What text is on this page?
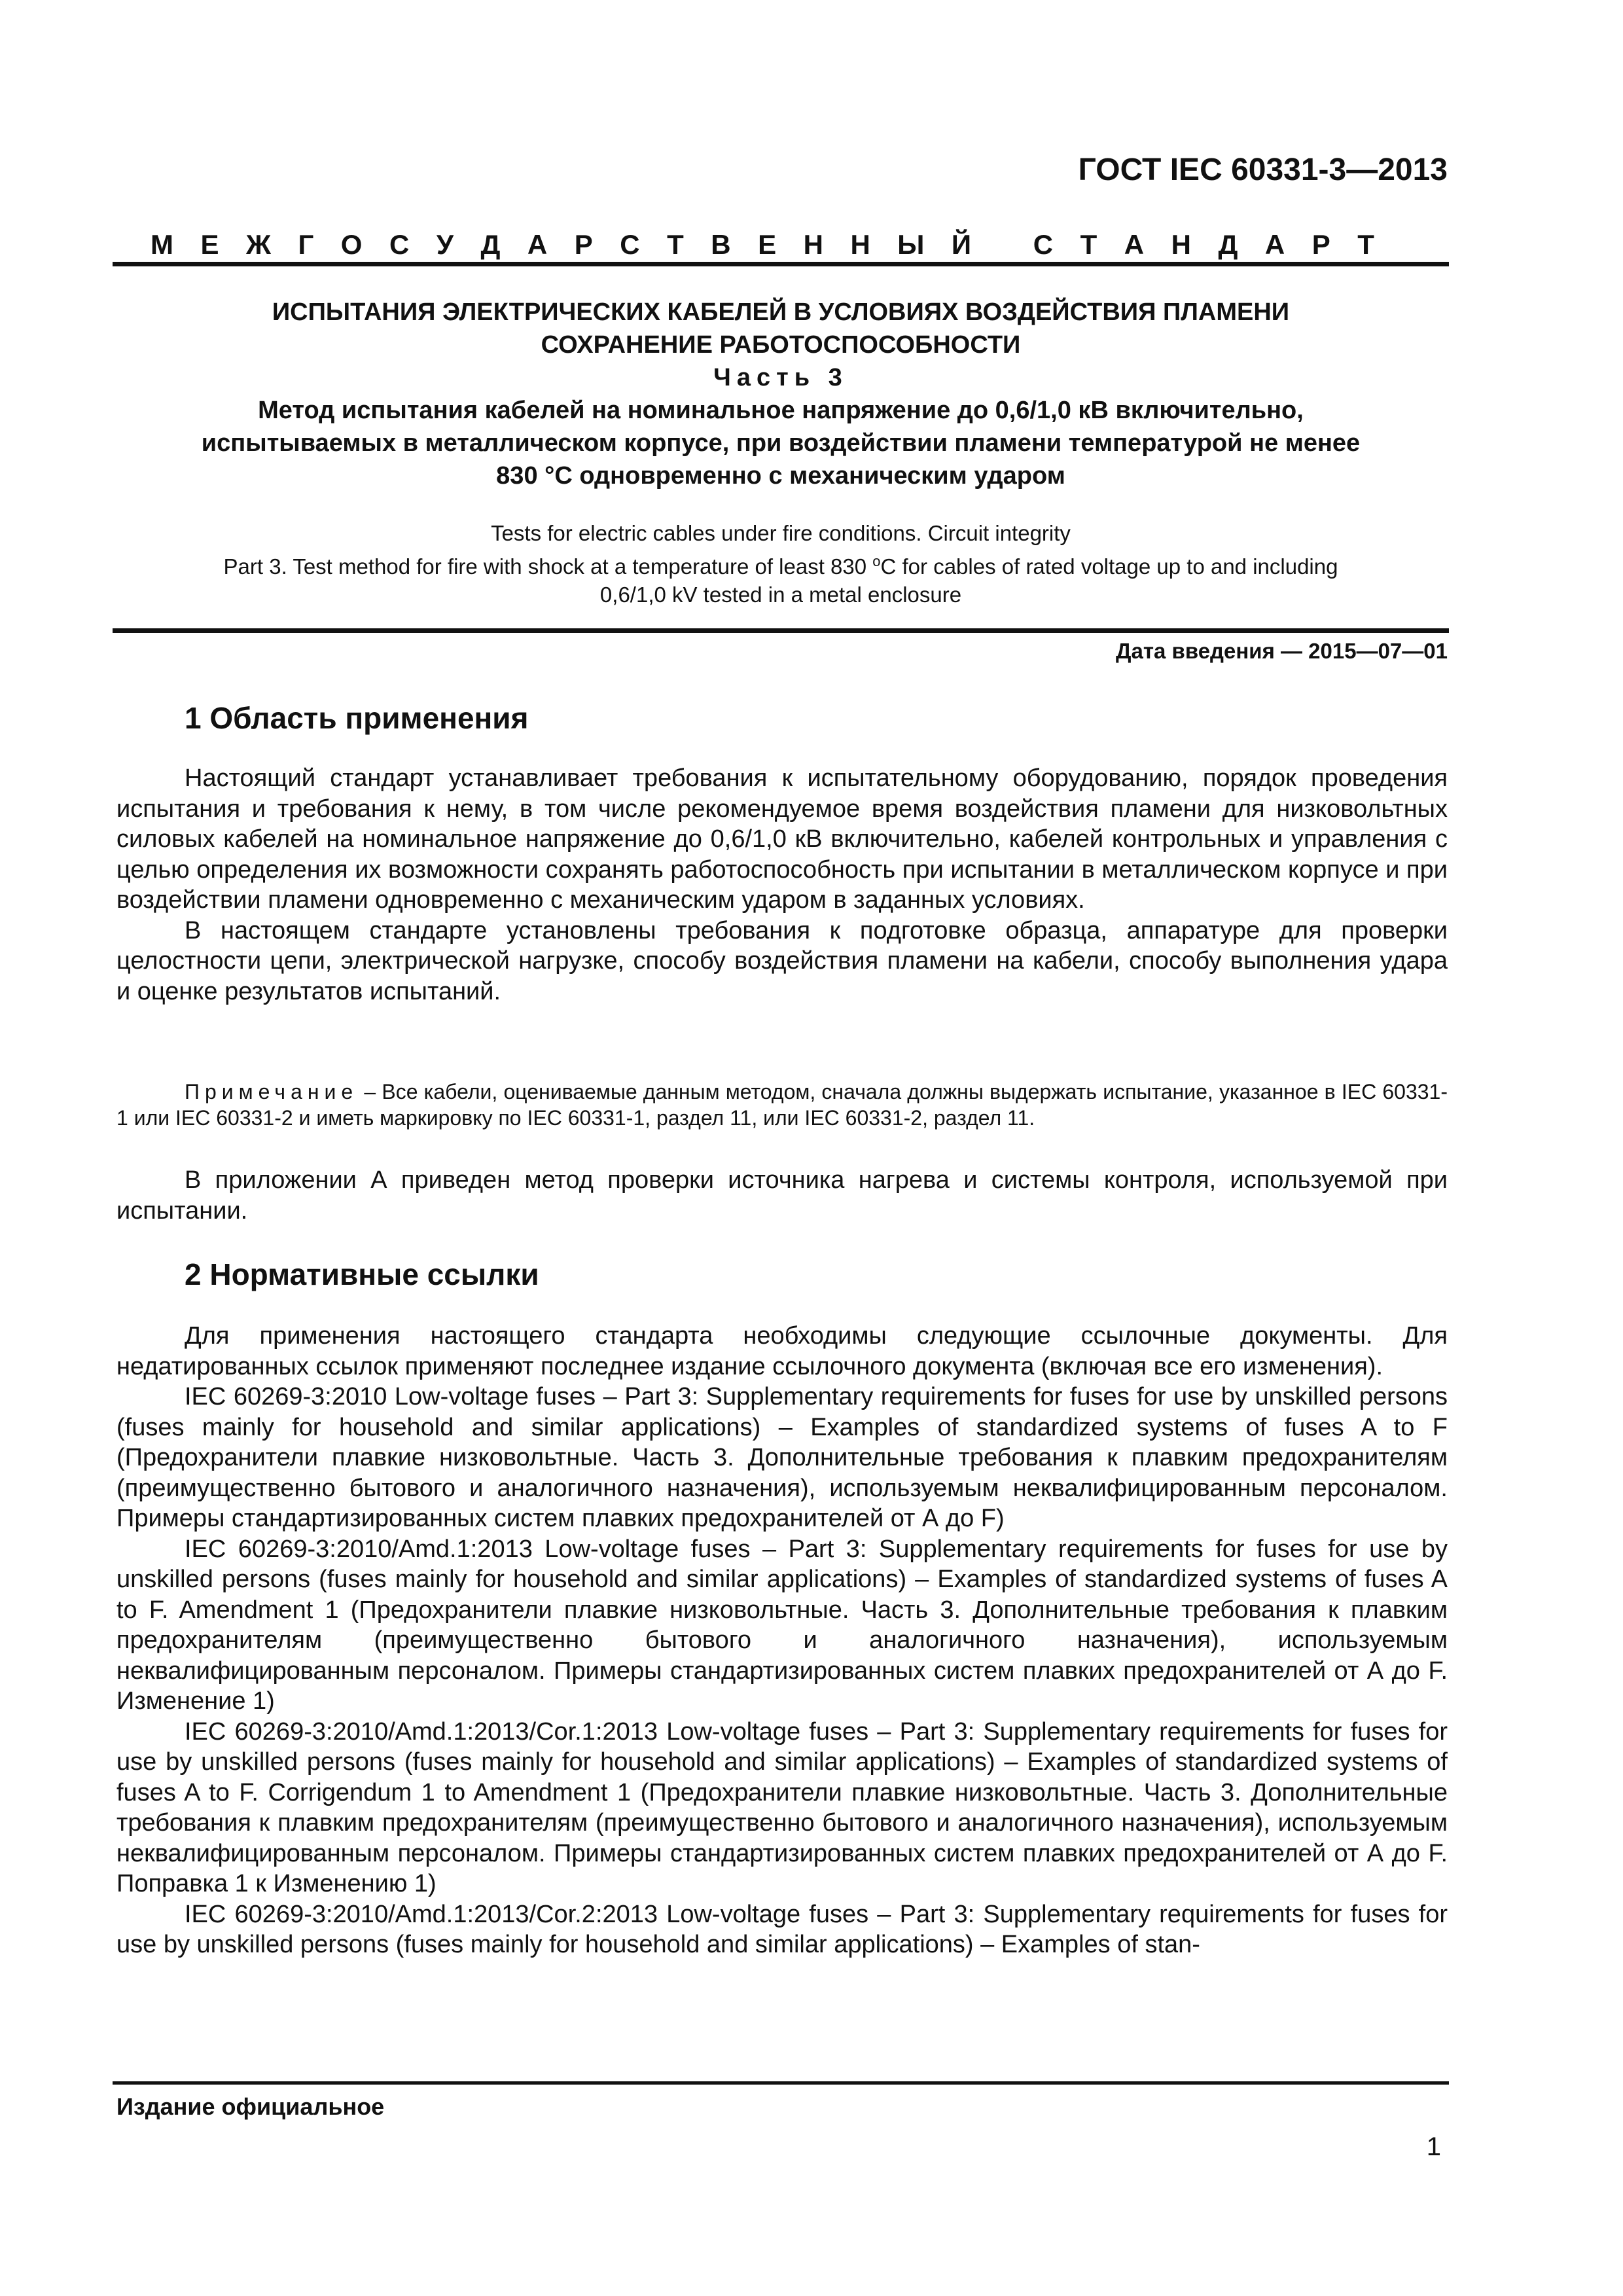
ГОСТ IEC 60331-3—2013
М Е Ж Г О С У Д А Р С Т В Е Н Н Ы Й
С Т А Н Д А Р Т
ИСПЫТАНИЯ ЭЛЕКТРИЧЕСКИХ КАБЕЛЕЙ В УСЛОВИЯХ ВОЗДЕЙСТВИЯ ПЛАМЕНИ
СОХРАНЕНИЕ РАБОТОСПОСОБНОСТИ
Часть 3
Метод испытания кабелей на номинальное напряжение до 0,6/1,0 кВ включительно,
испытываемых в металлическом корпусе, при воздействии пламени температурой не менее
830 °С одновременно с механическим ударом
Tests for electric cables under fire conditions. Circuit integrity
Part 3. Test method for fire with shock at a temperature of least 830 $^o$C for cables of rated voltage up to and including
0,6/1,0 kV tested in a metal enclosure
Дата введения — 2015—07—01
1 Область применения

Настоящий стандарт устанавливает требования к испытательному оборудованию, порядок проведения испытания и требования к нему, в том числе рекомендуемое время воздействия пламени для низковольтных силовых кабелей на номинальное напряжение до 0,6/1,0 кВ включительно, кабелей контрольных и управления с целью определения их возможности сохранять работоспособность при испытании в металлическом корпусе и при воздействии пламени одновременно с механическим ударом в заданных условиях.

В настоящем стандарте установлены требования к подготовке образца, аппаратуре для проверки целостности цепи, электрической нагрузке, способу воздействия пламени на кабели, способу выполнения удара и оценке результатов испытаний.

Примечание – Все кабели, оцениваемые данным методом, сначала должны выдержать испытание, указанное в IEC 60331-1 или IEC 60331-2 и иметь маркировку по IEC 60331-1, раздел 11, или IEC 60331-2, раздел 11.

В приложении А приведен метод проверки источника нагрева и системы контроля, используемой при испытании.

2 Нормативные ссылки

Для применения настоящего стандарта необходимы следующие ссылочные документы. Для недатированных ссылок применяют последнее издание ссылочного документа (включая все его изменения).

IEC 60269-3:2010 Low-voltage fuses – Part 3: Supplementary requirements for fuses for use by unskilled persons (fuses mainly for household and similar applications) – Examples of standardized systems of fuses A to F (Предохранители плавкие низковольтные. Часть 3. Дополнительные требования к плавким предохранителям (преимущественно бытового и аналогичного назначения), используемым неквалифицированным персоналом. Примеры стандартизированных систем плавких предохранителей от А до F)

IEC 60269-3:2010/Amd.1:2013 Low-voltage fuses – Part 3: Supplementary requirements for fuses for use by unskilled persons (fuses mainly for household and similar applications) – Examples of standardized systems of fuses A to F. Amendment 1 (Предохранители плавкие низковольтные. Часть 3. Дополнительные требования к плавким предохранителям (преимущественно бытового и аналогичного назначения), используемым неквалифицированным персоналом. Примеры стандартизированных систем плавких предохранителей от А до F. Изменение 1)

IEC 60269-3:2010/Amd.1:2013/Cor.1:2013 Low-voltage fuses – Part 3: Supplementary requirements for fuses for use by unskilled persons (fuses mainly for household and similar applications) – Examples of standardized systems of fuses A to F. Corrigendum 1 to Amendment 1 (Предохранители плавкие низковольтные. Часть 3. Дополнительные требования к плавким предохранителям (преимущественно бытового и аналогичного назначения), используемым неквалифицированным персоналом. Примеры стандартизированных систем плавких предохранителей от А до F. Поправка 1 к Изменению 1)

IEC 60269-3:2010/Amd.1:2013/Cor.2:2013 Low-voltage fuses – Part 3: Supplementary requirements for fuses for use by unskilled persons (fuses mainly for household and similar applications) – Examples of stan-

Издание официальное
1
